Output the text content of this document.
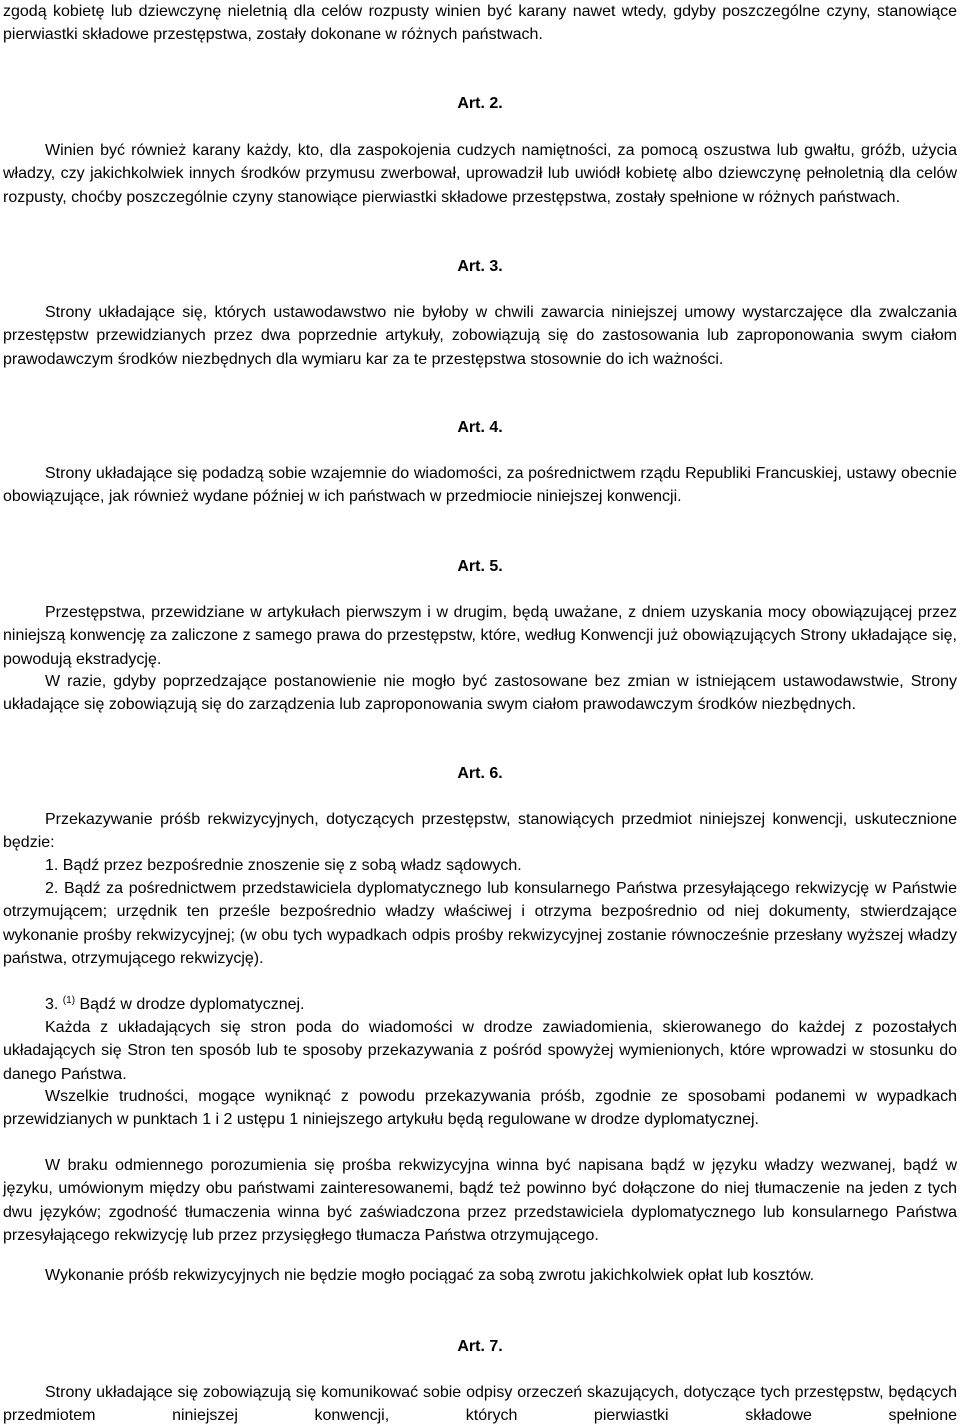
zgodą kobietę lub dziewczynę nieletnią dla celów rozpusty winien być karany nawet wtedy, gdyby poszczególne czyny, stanowiące pierwiastki składowe przestępstwa, zostały dokonane w różnych państwach.

Art. 2.

Winien być również karany każdy, kto, dla zaspokojenia cudzych namiętności, za pomocą oszustwa lub gwałtu, gróźb, użycia władzy, czy jakichkolwiek innych środków przymusu zwerbował, uprowadził lub uwiódł kobietę albo dziewczynę pełnoletnią dla celów rozpusty, choćby poszczególnie czyny stanowiące pierwiastki składowe przestępstwa, zostały spełnione w różnych państwach.

Art. 3.

Strony układające się, których ustawodawstwo nie byłoby w chwili zawarcia niniejszej umowy wystarczajęce dla zwalczania przestępstw przewidzianych przez dwa poprzednie artykuły, zobowiązują się do zastosowania lub zaproponowania swym ciałom prawodawczym środków niezbędnych dla wymiaru kar za te przestępstwa stosownie do ich ważności.

Art. 4.

Strony układające się podadzą sobie wzajemnie do wiadomości, za pośrednictwem rządu Republiki Francuskiej, ustawy obecnie obowiązujące, jak również wydane później w ich państwach w przedmiocie niniejszej konwencji.

Art. 5.

Przestępstwa, przewidziane w artykułach pierwszym i w drugim, będą uważane, z dniem uzyskania mocy obowiązującej przez niniejszą konwencję za zaliczone z samego prawa do przestępstw, które, według Konwencji już obowiązujących Strony układające się, powodują ekstradycję.

W razie, gdyby poprzedzające postanowienie nie mogło być zastosowane bez zmian w istniejącem ustawodawstwie, Strony układające się zobowiązują się do zarządzenia lub zaproponowania swym ciałom prawodawczym środków niezbędnych.

Art. 6.

Przekazywanie próśb rekwizycyjnych, dotyczących przestępstw, stanowiących przedmiot niniejszej konwencji, uskutecznione będzie:

1. Bądź przez bezpośrednie znoszenie się z sobą władz sądowych.

2. Bądź za pośrednictwem przedstawiciela dyplomatycznego lub konsularnego Państwa przesyłającego rekwizycję w Państwie otrzymującem; urzędnik ten prześle bezpośrednio władzy właściwej i otrzyma bezpośrednio od niej dokumenty, stwierdzające wykonanie prośby rekwizycyjnej; (w obu tych wypadkach odpis prośby rekwizycyjnej zostanie równocześnie przesłany wyższej władzy państwa, otrzymującego rekwizycję).

3. $^{(1)}$ Bądź w drodze dyplomatycznej.

Każda z układających się stron poda do wiadomości w drodze zawiadomienia, skierowanego do każdej z pozostałych układających się Stron ten sposób lub te sposoby przekazywania z pośród spowyżej wymienionych, które wprowadzi w stosunku do danego Państwa.

Wszelkie trudności, mogące wyniknąć z powodu przekazywania próśb, zgodnie ze sposobami podanemi w wypadkach przewidzianych w punktach 1 i 2 ustępu 1 niniejszego artykułu będą regulowane w drodze dyplomatycznej.

W braku odmiennego porozumienia się prośba rekwizycyjna winna być napisana bądź w języku władzy wezwanej, bądź w języku, umówionym między obu państwami zainteresowanemi, bądź też powinno być dołączone do niej tłumaczenie na jeden z tych dwu języków; zgodność tłumaczenia winna być zaświadczona przez przedstawiciela dyplomatycznego lub konsularnego Państwa przesyłającego rekwizycję lub przez przysięgłego tłumacza Państwa otrzymującego.

Wykonanie próśb rekwizycyjnych nie będzie mogło pociągać za sobą zwrotu jakichkolwiek opłat lub kosztów.

Art. 7.

Strony układające się zobowiązują się komunikować sobie odpisy orzeczeń skazujących, dotyczące tych przestępstw, będących przedmiotem niniejszej konwencji, których pierwiastki składowe spełnione
